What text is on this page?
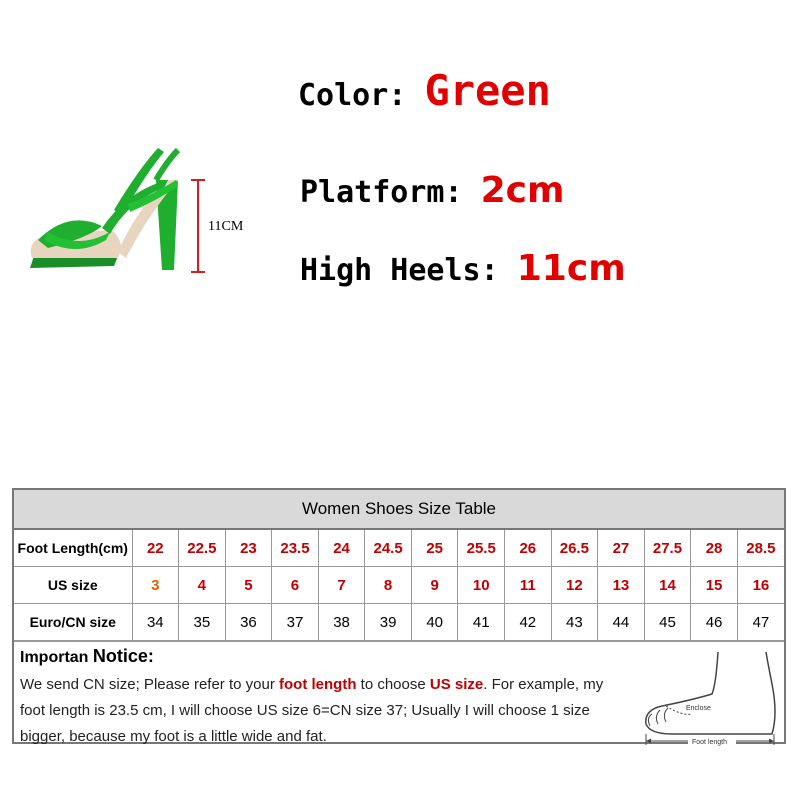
Color: Green
Platform: 2cm
High Heels: 11cm
11CM
Women Shoes Size Table
Foot Length(cm)	22	22.5	23	23.5	24	24.5	25	25.5	26	26.5	27	27.5	28	28.5
US size	3	4	5	6	7	8	9	10	11	12	13	14	15	16
Euro/CN size	34	35	36	37	38	39	40	41	42	43	44	45	46	47
Importan Notice:
We send CN size; Please refer to your foot length to choose US size. For example, my foot length is 23.5 cm, I will choose US size 6=CN size 37; Usually I will choose 1 size bigger, because my foot is a little wide and fat.
Enclose
Foot length
